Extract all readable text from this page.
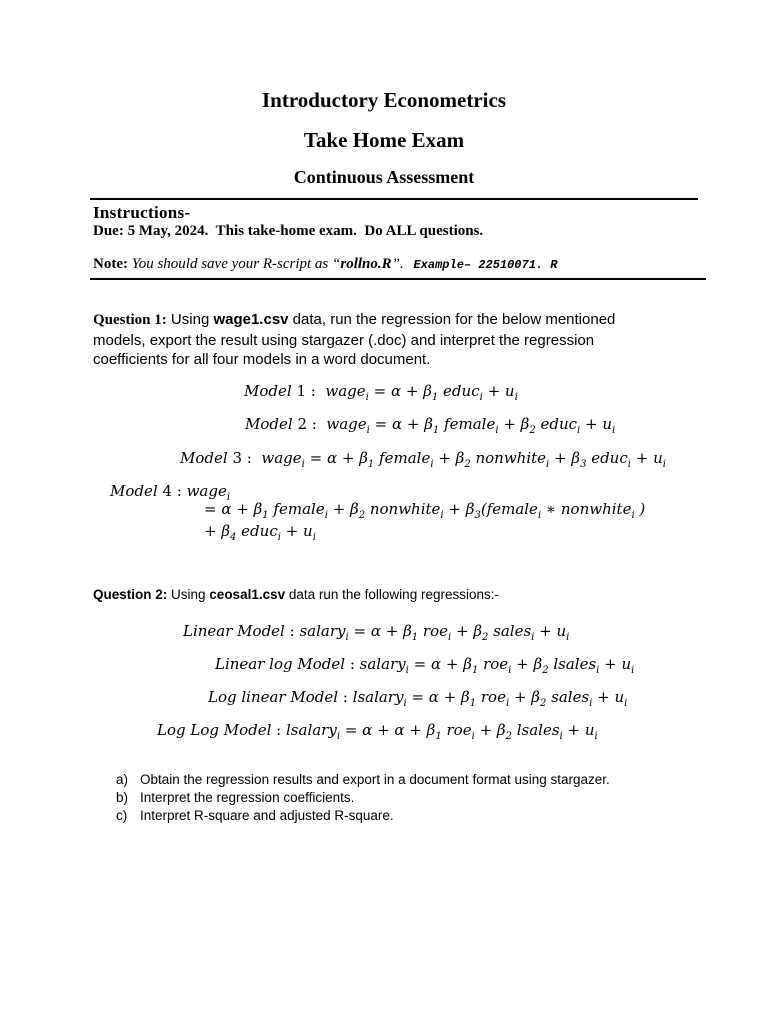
Introductory Econometrics
Take Home Exam
Continuous Assessment
Instructions-
Due: 5 May, 2024.  This take-home exam.  Do ALL questions.
Note: You should save your R-script as “rollno.R”. Example– 22510071. R
Question 1: Using wage1.csv data, run the regression for the below mentioned
models, export the result using stargazer (.doc) and interpret the regression
coefficients for all four models in a word document.
Model 1 :  wage$_i$ = $\alpha + \beta_1$ educ$_i$ + $u_i$
Model 2 :  wage$_i$ = $\alpha + \beta_1$ female$_i$ + $\beta_2$ educ$_i$ + $u_i$
Model 3 :  wage$_i$ = $\alpha + \beta_1$ female$_i$ + $\beta_2$ nonwhite$_i$ + $\beta_3$ educ$_i$ + $u_i$
Model 4 : wage$_i$
= $\alpha + \beta_1$ female$_i$ + $\beta_2$ nonwhite$_i$ + $\beta_3(female_i$ ∗ nonwhite$_i$ )
+ $\beta_4$ educ$_i$ + $u_i$
Question 2: Using ceosal1.csv data run the following regressions:-
Linear Model : salary$_i$ = $\alpha + \beta_1$ $roe_i + \beta_2$ sales$_i$ + $u_i$
Linear log Model : salary$_i$ = $\alpha + \beta_1$ $roe_i + \beta_2$ lsales$_i$ + $u_i$
Log linear Model : lsalary$_i$ = $\alpha + \beta_1$ $roe_i + \beta_2$ sales$_i$ + $u_i$
Log Log Model : lsalary$_i$ = $\alpha + \alpha + \beta_1$ $roe_i + \beta_2$ lsales$_i$ + $u_i$
a) Obtain the regression results and export in a document format using stargazer.
b) Interpret the regression coefficients.
c) Interpret R-square and adjusted R-square.
